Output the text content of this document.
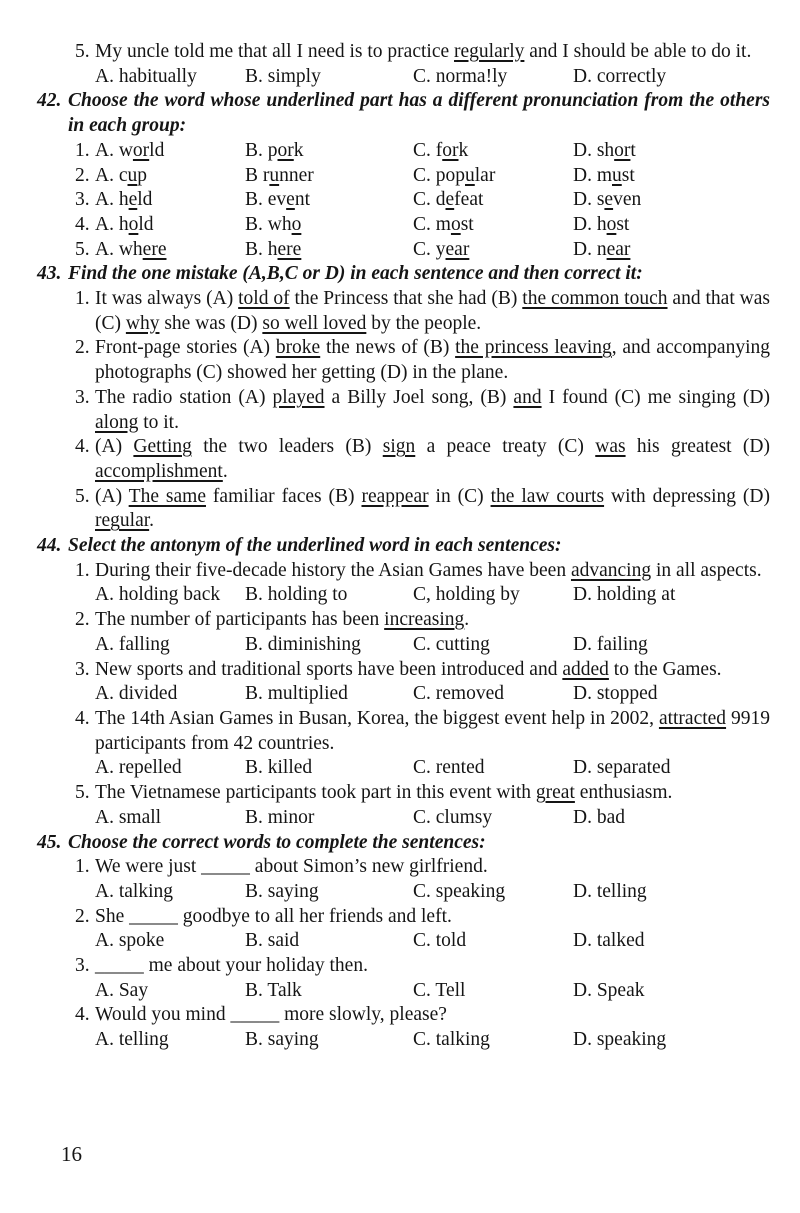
5. My uncle told me that all I need is to practice regularly and I should be able to do it.
A. habitually	B. simply	C. norma!ly	D. correctly
42. Choose the word whose underlined part has a different pronunciation from the others in each group:
1. A. world	B. pork	C. fork	D. short
2. A. cup	B runner	C. popular	D. must
3. A. held	B. event	C. defeat	D. seven
4. A. hold	B. who	C. most	D. host
5. A. where	B. here	C. year	D. near
43. Find the one mistake (A,B,C or D) in each sentence and then correct it:
1. It was always (A) told of the Princess that she had (B) the common touch and that was (C) why she was (D) so well loved by the people.
2. Front-page stories (A) broke the news of (B) the princess leaving, and accompanying photographs (C) showed her getting (D) in the plane.
3. The radio station (A) played a Billy Joel song, (B) and I found (C) me singing (D) along to it.
4. (A) Getting the two leaders (B) sign a peace treaty (C) was his greatest (D) accomplishment.
5. (A) The same familiar faces (B) reappear in (C) the law courts with depressing (D) regular.
44. Select the antonym of the underlined word in each sentences:
1. During their five-decade history the Asian Games have been advancing in all aspects.
A. holding back	B. holding to	C, holding by	D. holding at
2. The number of participants has been increasing.
A. falling	B. diminishing	C. cutting	D. failing
3. New sports and traditional sports have been introduced and added to the Games.
A. divided	B. multiplied	C. removed	D. stopped
4. The 14th Asian Games in Busan, Korea, the biggest event help in 2002, attracted 9919 participants from 42 countries.
A. repelled	B. killed	C. rented	D. separated
5. The Vietnamese participants took part in this event with great enthusiasm.
A. small	B. minor	C. clumsy	D. bad
45. Choose the correct words to complete the sentences:
1. We were just _____ about Simon’s new girlfriend.
A. talking	B. saying	C. speaking	D. telling
2. She _____ goodbye to all her friends and left.
A. spoke	B. said	C. told	D. talked
3. _____ me about your holiday then.
A. Say	B. Talk	C. Tell	D. Speak
4. Would you mind _____ more slowly, please?
A. telling	B. saying	C. talking	D. speaking
16
